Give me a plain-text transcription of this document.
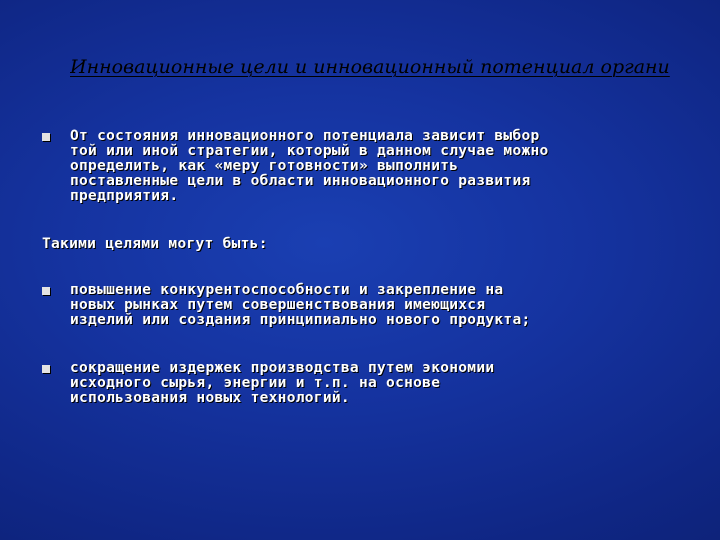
Инновационные цели и инновационный потенциал органи

От состояния инновационного потенциала зависит выбор
той или иной стратегии, который в данном случае можно
определить, как «меру готовности» выполнить
поставленные цели в области инновационного развития
предприятия.

Такими целями могут быть:

повышение конкурентоспособности и закрепление на
новых рынках путем совершенствования имеющихся
изделий или создания принципиально нового продукта;

сокращение издержек производства путем экономии
исходного сырья, энергии и т.п. на основе
использования новых технологий.
